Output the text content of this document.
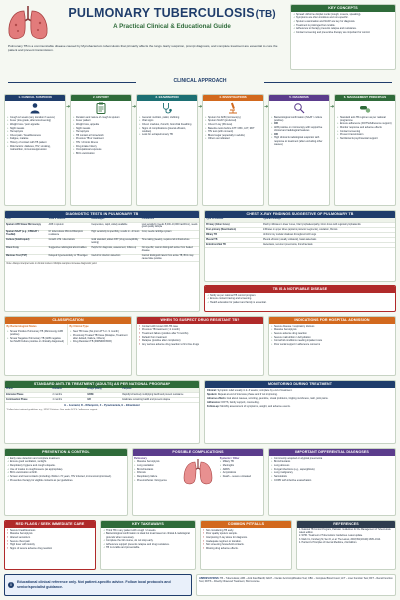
PULMONARY TUBERCULOSIS (TB)
A Practical Clinical & Educational Guide
Pulmonary TB is a communicable disease caused by Mycobacterium tuberculosis that primarily affects the lungs. Early suspicion, prompt diagnosis, and complete treatment are essential to cure the patient and prevent transmission.
KEY CONCEPTS
✓ Spread: Airborne droplet nuclei (cough, sneeze, speaking).
✓ Symptoms are often insidious and non-specific.
✓ Sputum examination and NAAT are key for diagnosis.
✓ Treatment is prolonged but curable.
✓ Adherence to therapy prevents relapse and resistance.
✓ Contact screening and preventive therapy are important for control.
CLINICAL APPROACH
1. CLINICAL SUSPICION
• Cough ≥2 weeks (any duration if severe)
• Fever (low grade, afternoon/evening)
• Weight loss / poor appetite
• Night sweats
• Hemoptysis
• Chest pain / breathlessness
• Fatigue, malaise
• History of contact with TB patient
• Risk factors: diabetes, HIV, smoking, malnutrition, immunosuppression
➜
2. HISTORY
• Duration and nature of cough & sputum
• Fever pattern
• Weight loss, appetite
• Night sweats
• Hemoptysis
• TB contact at home/work
• Previous TB or treatment
• HIV / chronic illness
• Drug intake history
• Occupational exposure
• BCG vaccination
➜
3. EXAMINATION
• General: nutrition, pallor, clubbing
• Vital signs
• Chest: crackles, rhonchi, bronchial breathing
• Signs of complications (pleural effusion, cavities)
• Look for extrapulmonary TB
➜
4. INVESTIGATIONS
• Sputum for AFB (microscopy)
• Sputum NAAT (preferred)
• Chest X-ray (PA view)
• Baseline tests before ATT: CBC, LFT, RFT
• HIV test (with consent)
• Blood sugar (especially in adults)
• Others as indicated
➜
5. DIAGNOSIS
• Bacteriological confirmation (NAAT / culture positive)
• OR
• AFB positive on microscopy with supportive clinical and radiological features
• OR
• High clinical & radiological suspicion with response to treatment (after excluding other causes)
➜
6. MANAGEMENT PRINCIPLES
• Standard anti-TB regimen as per national programme
• Ensure adherence (DOTS/Adherence support)
• Monitor response and adverse effects
• Contact screening
• Prevent transmission
• Nutritional & psychosocial support
DIAGNOSTIC TESTS IN PULMONARY TB
Test	What It Detects	Advantages	Limitations
Sputum AFB Smear Microscopy	AFB in sputum	Inexpensive, rapid, widely available	Low sensitivity (needs 5,000–10,000 bacilli/mL), needs good quality sample
Sputum NAAT (e.g., CBNAAT / TrueNat)	M. tuberculosis DNA & Rifampicin resistance	High sensitivity & specificity, results in ~2 hours	Cost, needs cartridge system
Culture (Solid/Liquid)	Growth of M. tuberculosis	Gold standard, allows DST (drug susceptibility testing)	Time taking (weeks), requires lab infrastructure
Chest X-ray	Suggestive radiological abnormalities	Helpful for diagnosis, assessment, follow-up	Not specific; cannot distinguish active from healed disease
Mantoux Test (TST)	Delayed hypersensitivity to TB antigen	Useful for infection detection	Cannot distinguish latent from active TB; BCG may cause false positive
Note: Always interpret tests in clinical context. Multiple samples increase diagnostic yield.
CHEST X-RAY FINDINGS SUGGESTIVE OF PULMONARY TB
Type of Disease	Typical Findings
Primary (Ghon focus)	Patchy infiltrates in lower zones, hilar lymphadenopathy, Ghon focus with regional lymphadenitis
Post-primary (Reactivation)	Infiltrates in upper lobes (apical & posterior segments), cavitation, fibrosis
Miliary TB	Uniform tiny nodular shadows throughout both lungs
Pleural TB	Pleural effusion (usually unilateral), basal atelectasis
Endobronchial TB	Atelectasis, recurrent pneumonia, bronchiectasis
TB IS A NOTIFIABLE DISEASE
✓ Notify as per national TB control program.
✓ Ensure contact tracing and screening.
✓ Health education for patient and family is essential.
CLASSIFICATION
By Bacteriological Status
• Smear Positive Pulmonary TB (Microscopy AFB positive)
• Smear Negative Pulmonary TB (AFB negative but NAAT/culture positive or clinically diagnosed)
By Clinical Type
• New TB Case (No prior ATT or <1 month)
• Previously Treated TB Case (Relapse, Treatment after default, Failure, Others)
• Drug Resistant TB (RR/MDR/XDR)
WHEN TO SUSPECT DRUG RESISTANT TB?
! Contact with known DR-TB case
! Previous TB treatment (>1 month)
! Treatment failure (positive after 5 months)
! Default from treatment
! Relapse (positive after completion)
! Any serious adverse drug reaction to first line drugs
INDICATIONS FOR HOSPITAL ADMISSION
• Severe disease / respiratory distress
• Massive hemoptysis
• Severe adverse drug reaction
• Severe malnutrition / dehydration
• Comorbid conditions needing inpatient care
• Poor social support / adherence concerns
STANDARD ANTI-TB TREATMENT (ADULTS) AS PER NATIONAL PROGRAM*
Phase	Duration	Drugs (Daily)	Purpose
Intensive Phase	2 months	HRZE	Rapidly kill actively multiplying bacilli and prevent resistance
Continuation Phase	4 months	HR	Eradicate remaining bacilli and prevent relapse
H – Isoniazid, R – Rifampicin, Z – Pyrazinamide, E – Ethambutol
*Follow latest national guidelines e.g., NTEP Pakistan. Give under DOTS / adherence support.
MONITORING DURING TREATMENT
Clinical: Symptom relief usually in 2–3 weeks; complete by end of treatment.
Sputum: Repeat at end of intensive phase and if not improving.
Adverse effects: Ask about nausea, vomiting, jaundice, visual problems, tingling numbness, rash, joint pains.
Adherence: DOTS, family support, counseling.
Follow-up: Monthly assessment of symptoms, weight, and adverse events.
PREVENTION & CONTROL
✓ Early case detection and complete treatment.
✓ Ensure good ventilation, sunlight.
✓ Respiratory hygiene and cough etiquette.
✓ Use of masks in cough/sneeze (as appropriate).
✓ BCG vaccination at birth.
✓ Screen and treat contacts (including children <5 years, HIV infected, immunocompromised).
✓ Preventive therapy for eligible contacts as per guidelines.
POSSIBLE COMPLICATIONS
Pulmonary
• Massive hemoptysis
• Lung cavitation
• Bronchiectasis
• Fibrosis
• Respiratory failure
• Pneumothorax / Empyema
Systemic / Other
• Miliary TB
• Meningitis
• ARDS
• Amyloidosis
• Death – severe untreated
IMPORTANT DIFFERENTIAL DIAGNOSES
• Community acquired or atypical pneumonia
• Bronchiectasis
• Lung abscess
• Fungal infections (e.g., aspergillosis)
• Lung malignancy
• Sarcoidosis
• COPD with infective exacerbation
RED FLAGS / SEEK IMMEDIATE CARE
! Severe breathlessness
! Massive hemoptysis
! Altered sensorium
! Severe chest pain
! High fever with toxicity
! Signs of severe adverse drug reaction
KEY TAKEAWAYS
✓ Think TB in any patient with cough >2 weeks.
✓ Bacteriological confirmation is ideal but treat based on clinical & radiological grounds when necessary.
✓ Complete the full course, do not stop early.
✓ Adherence support prevents relapse and drug resistance.
✓ TB is curable and preventable.
COMMON PITFALLS
! Not considering TB early.
! Poor quality sputum sample.
! Interpreting X-ray alone for diagnosis.
! Inadequate regimen or duration.
! Not screening household contacts.
! Missing drug adverse effects.
REFERENCES
1. National TB Control Program, Pakistan. Guidelines for the Management of Tuberculosis. Latest edition.
2. WHO. Treatment of Tuberculosis: Guidelines. Latest update.
3. Mark CL, Forsberg M, Sen D, et al. The Lancet, 2018;391(10120):1605–1614.
4. Harrison's Principles of Internal Medicine, 21st Edition.
i	Educational clinical reference only. Not patient-specific advice. Follow local protocols and senior/specialist guidance.
ABBREVIATIONS: TB – Tuberculosis; AFB – Acid Fast Bacilli; NAAT – Nucleic Acid Amplification Test; CBC – Complete Blood Count; LFT – Liver Function Test; RFT – Renal Function Test; DOTS – Directly Observed Treatment, Short-course.
